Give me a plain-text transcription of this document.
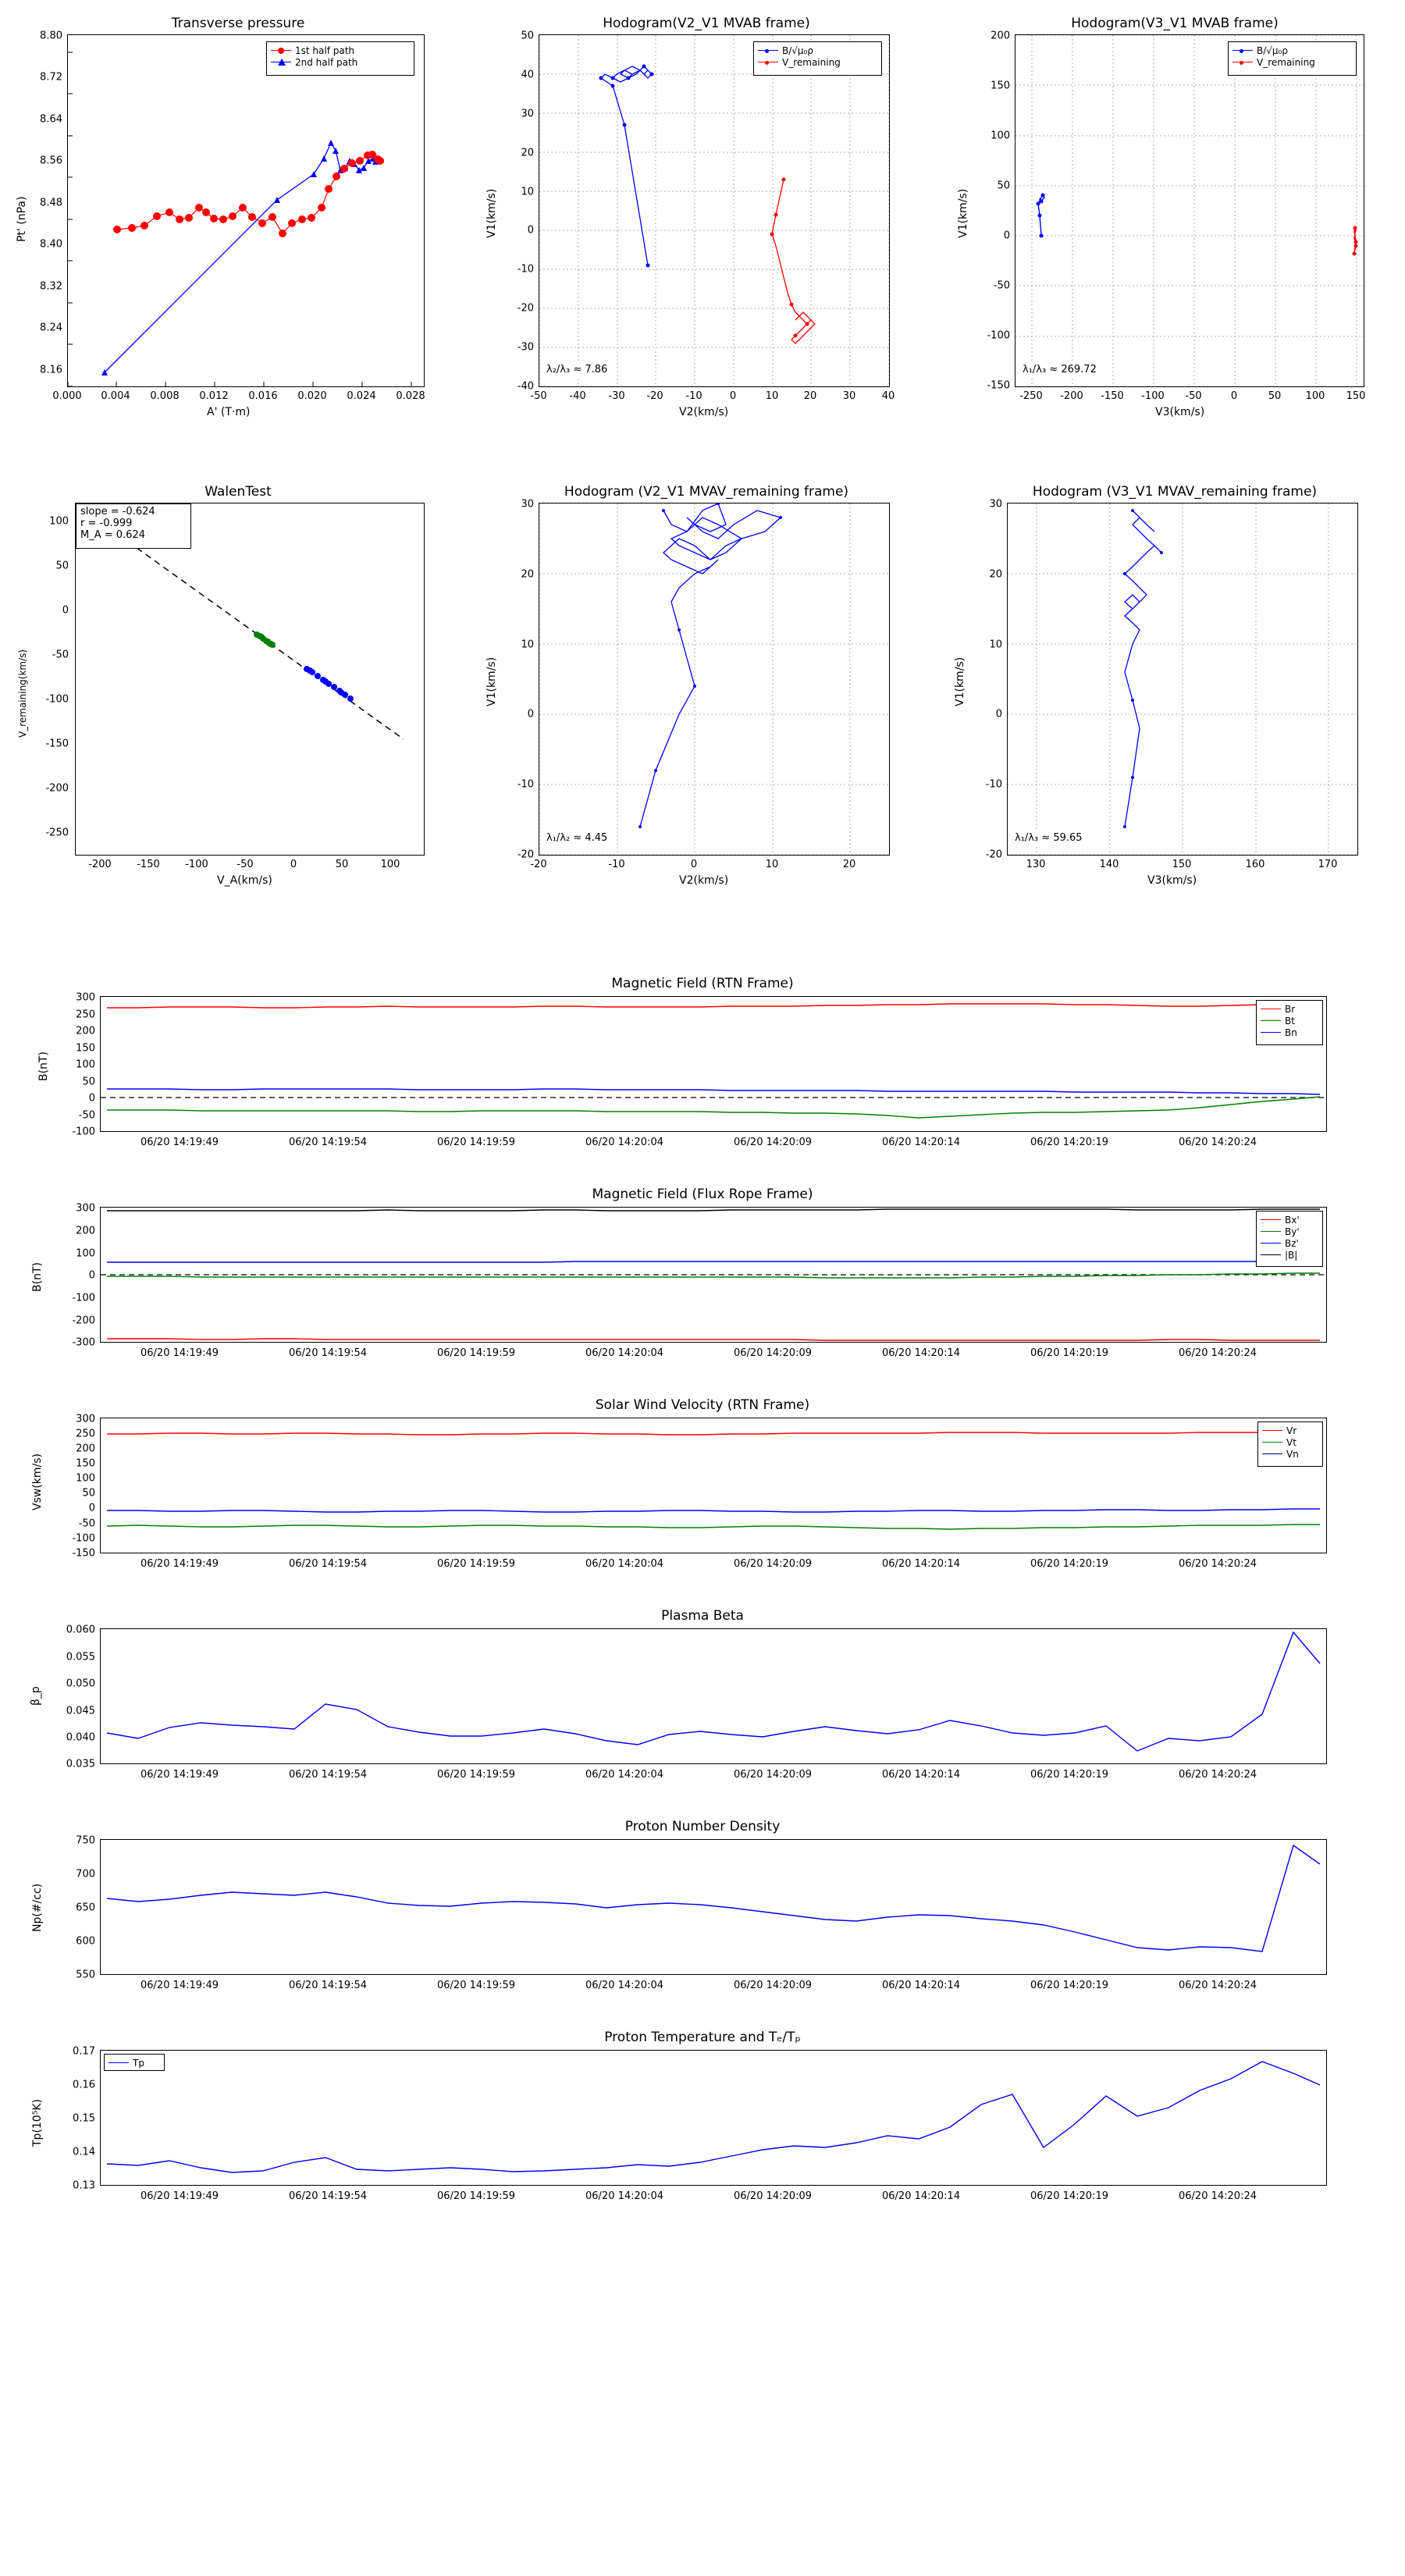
Transverse pressure
1st half path
2nd half path
0.000 0.004 0.008 0.012 0.016 0.020 0.024 0.028
8.80
8.72
8.64
8.56
8.48
8.40
8.32
8.24
8.16
A' (T·m)
Pt' (nPa)
Hodogram(V2_V1 MVAB frame)
B/√μ₀ρ
V_remaining
λ₂/λ₃ ≈ 7.86
-50 -40 -30 -20 -10	0	10 20	30	40
50
40
30
20
10
0
-10
-20
-30
-40
V2(km/s)
V1(km/s)
Hodogram(V3_V1 MVAB frame)
B/√μ₀ρ
V_remaining
λ₁/λ₃ ≈ 269.72
-250 -200 -150 -100 -50	0	50 100 150
200
150
100
50
0
-50
-100
-150
V3(km/s)
V1(km/s)
WalenTest
slope = -0.624
r = -0.999
M_A = 0.624
-200 -150 -100	-50	0	50	100
100
50
0
-50
-100
-150
-200
-250
V_A(km/s)
V_remaining(km/s)
Hodogram (V2_V1 MVAV_remaining frame)
λ₁/λ₂ ≈ 4.45
-20	-10	0	10	20
30
20
10
0
-10
-20
V2(km/s)
V1(km/s)
Hodogram (V3_V1 MVAV_remaining frame)
λ₁/λ₃ ≈ 59.65
130	140	150	160	170
30
20
10
0
-10
-20
V3(km/s)
V1(km/s)
Magnetic Field (RTN Frame)
Br
Bt
Bn
300
250
200
150
100
50
0
-50
-100
B(nT)
06/20 14:19:49	06/20 14:19:54	06/20 14:19:59	06/20 14:20:04	06/20 14:20:09	06/20 14:20:14	06/20 14:20:19	06/20 14:20:24
Magnetic Field (Flux Rope Frame)
Bx'
By'
Bz'
|B|
300
200
100
0
-100
-200
-300
B(nT)
06/20 14:19:49	06/20 14:19:54	06/20 14:19:59	06/20 14:20:04	06/20 14:20:09	06/20 14:20:14	06/20 14:20:19	06/20 14:20:24
Solar Wind Velocity (RTN Frame)
Vr
Vt
Vn
300
250
200
150
100
50
0
-50
-100
-150
Vsw(km/s)
06/20 14:19:49	06/20 14:19:54	06/20 14:19:59	06/20 14:20:04	06/20 14:20:09	06/20 14:20:14	06/20 14:20:19	06/20 14:20:24
Plasma Beta
0.060
0.055
0.050
0.045
0.040
0.035
β_p
06/20 14:19:49	06/20 14:19:54	06/20 14:19:59	06/20 14:20:04	06/20 14:20:09	06/20 14:20:14	06/20 14:20:19	06/20 14:20:24
Proton Number Density
750
700
650
600
550
Np(#/cc)
06/20 14:19:49	06/20 14:19:54	06/20 14:19:59	06/20 14:20:04	06/20 14:20:09	06/20 14:20:14	06/20 14:20:19	06/20 14:20:24
Proton Temperature and Tₑ/Tₚ
Tp
0.17
0.16
0.15
0.14
0.13
Tp(10⁵K)
06/20 14:19:49	06/20 14:19:54	06/20 14:19:59	06/20 14:20:04	06/20 14:20:09	06/20 14:20:14	06/20 14:20:19	06/20 14:20:24
